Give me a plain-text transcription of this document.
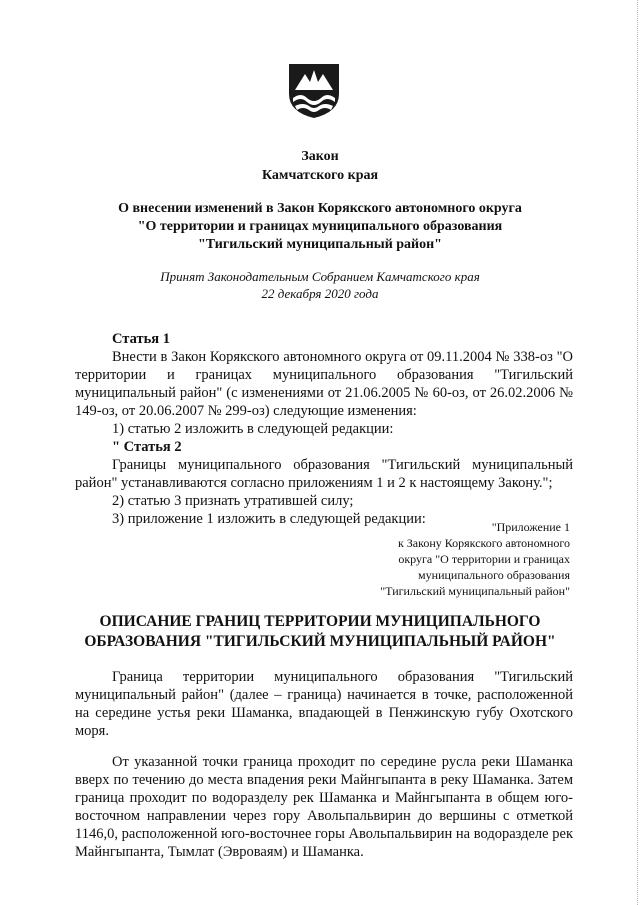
Закон
Камчатского края
О внесении изменений в Закон Корякского автономного округа
"О территории и границах муниципального образования
"Тигильский муниципальный район"
Принят Законодательным Собранием Камчатского края
22 декабря 2020 года

Статья 1

Внести в Закон Корякского автономного округа от 09.11.2004 № 338-оз "О территории и границах муниципального образования "Тигильский муниципальный район" (с изменениями от 21.06.2005 № 60-оз, от 26.02.2006 № 149-оз, от 20.06.2007 № 299-оз) следующие изменения:

1) статью 2 изложить в следующей редакции:

" Статья 2

Границы муниципального образования "Тигильский муниципальный район" устанавливаются согласно приложениям 1 и 2 к настоящему Закону.";

2) статью 3 признать утратившей силу;

3) приложение 1 изложить в следующей редакции:	"Приложение 1
к Закону Корякского автономного
округа "О территории и границах
муниципального образования
"Тигильский муниципальный район"
ОПИСАНИЕ ГРАНИЦ ТЕРРИТОРИИ МУНИЦИПАЛЬНОГО
ОБРАЗОВАНИЯ "ТИГИЛЬСКИЙ МУНИЦИПАЛЬНЫЙ РАЙОН"

Граница территории муниципального образования "Тигильский муниципальный район" (далее – граница) начинается в точке, расположенной на середине устья реки Шаманка, впадающей в Пенжинскую губу Охотского моря.

От указанной точки граница проходит по середине русла реки Шаманка вверх по течению до места впадения реки Майнгыпанта в реку Шаманка. Затем граница проходит по водоразделу рек Шаманка и Майнгыпанта в общем юго-восточном направлении через гору Авольпальвирин до вершины с отметкой 1146,0, расположенной юго-восточнее горы Авольпальвирин на водоразделе рек Майнгыпанта, Тымлат (Эвроваям) и Шаманка.
